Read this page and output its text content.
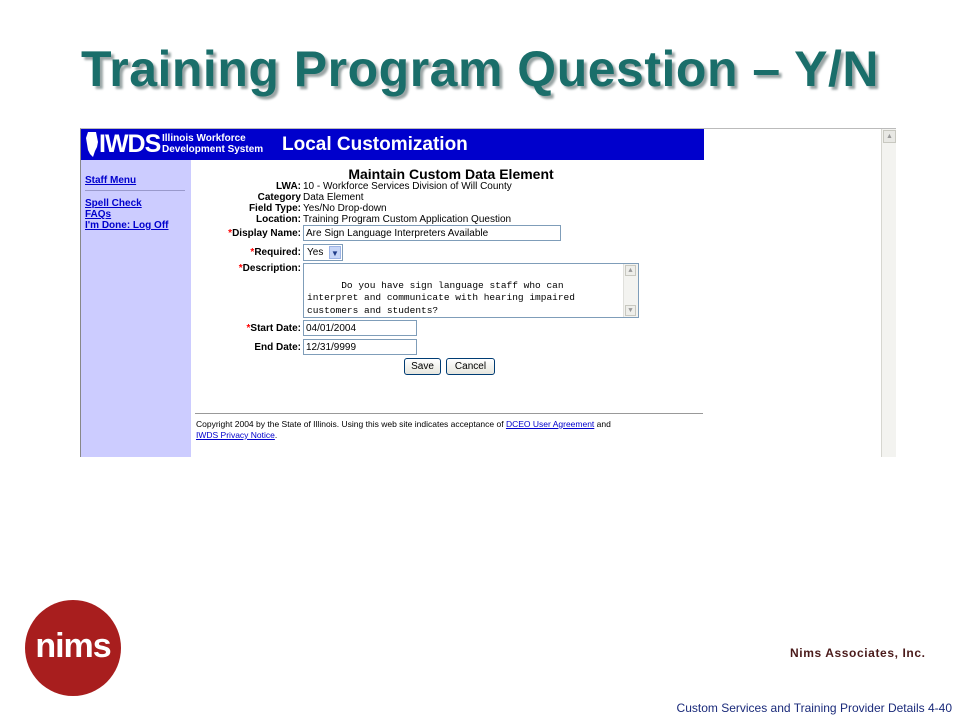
Training Program Question – Y/N
IWDS Illinois Workforce
Development System Local Customization
Staff Menu
Spell Check
FAQs
I'm Done: Log Off
Maintain Custom Data Element
LWA: 10 - Workforce Services Division of Will County
Category Data Element
Field Type: Yes/No Drop-down
Location: Training Program Custom Application Question
*Display Name: Are Sign Language Interpreters Available
*Required: Yes ▼
*Description:

Do you have sign language staff who can
interpret and communicate with hearing impaired
customers and students?

▲

▼

*Start Date: 04/01/2004
End Date: 12/31/9999
Save	Cancel
Copyright 2004 by the State of Illinois. Using this web site indicates acceptance of DCEO User Agreement and
IWDS Privacy Notice.
▲
nims	Nims Associates, Inc.
Custom Services and Training Provider Details 4-40
